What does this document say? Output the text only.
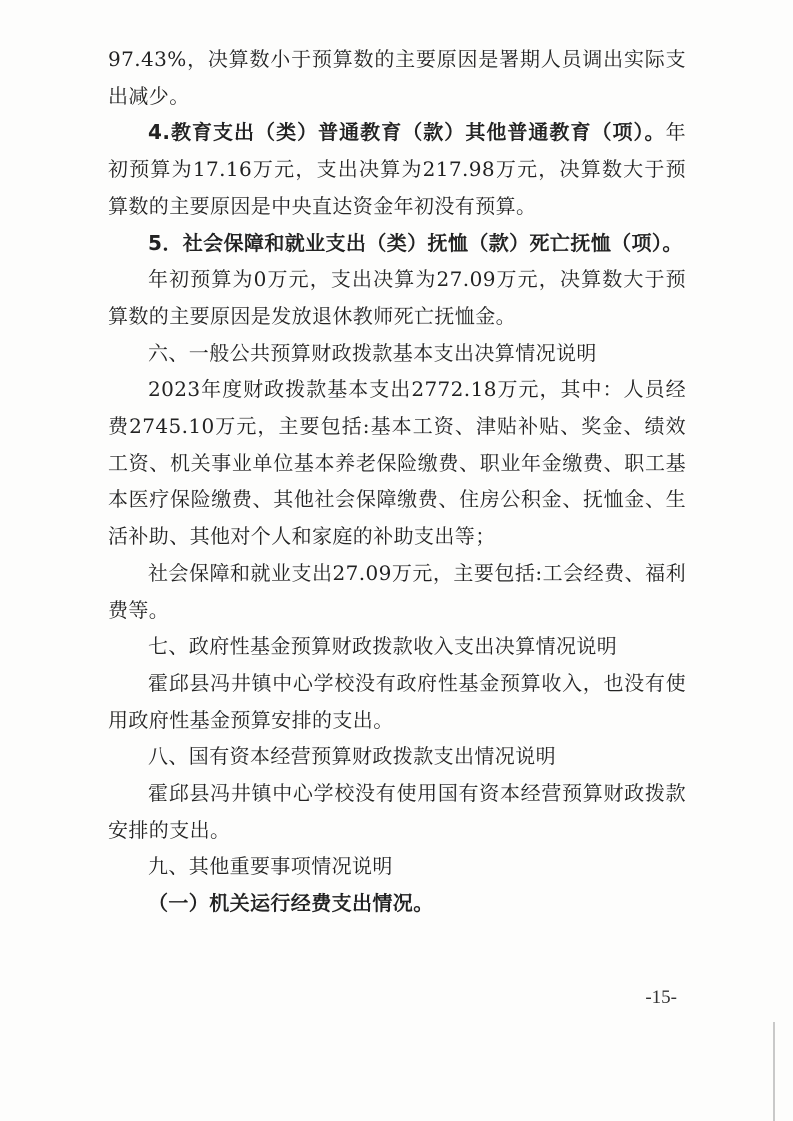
97.43%，决算数小于预算数的主要原因是署期人员调出实际支出减少。

4.教育支出（类）普通教育（款）其他普通教育（项）。年初预算为17.16万元，支出决算为217.98万元，决算数大于预算数的主要原因是中央直达资金年初没有预算。

5．社会保障和就业支出（类）抚恤（款）死亡抚恤（项）。

年初预算为0万元，支出决算为27.09万元，决算数大于预算数的主要原因是发放退休教师死亡抚恤金。

六、一般公共预算财政拨款基本支出决算情况说明

2023年度财政拨款基本支出2772.18万元，其中：人员经费2745.10万元，主要包括:基本工资、津贴补贴、奖金、绩效工资、机关事业单位基本养老保险缴费、职业年金缴费、职工基本医疗保险缴费、其他社会保障缴费、住房公积金、抚恤金、生活补助、其他对个人和家庭的补助支出等；

社会保障和就业支出27.09万元，主要包括:工会经费、福利费等。

七、政府性基金预算财政拨款收入支出决算情况说明

霍邱县冯井镇中心学校没有政府性基金预算收入，也没有使用政府性基金预算安排的支出。

八、国有资本经营预算财政拨款支出情况说明

霍邱县冯井镇中心学校没有使用国有资本经营预算财政拨款安排的支出。

九、其他重要事项情况说明

（一）机关运行经费支出情况。

-15-
